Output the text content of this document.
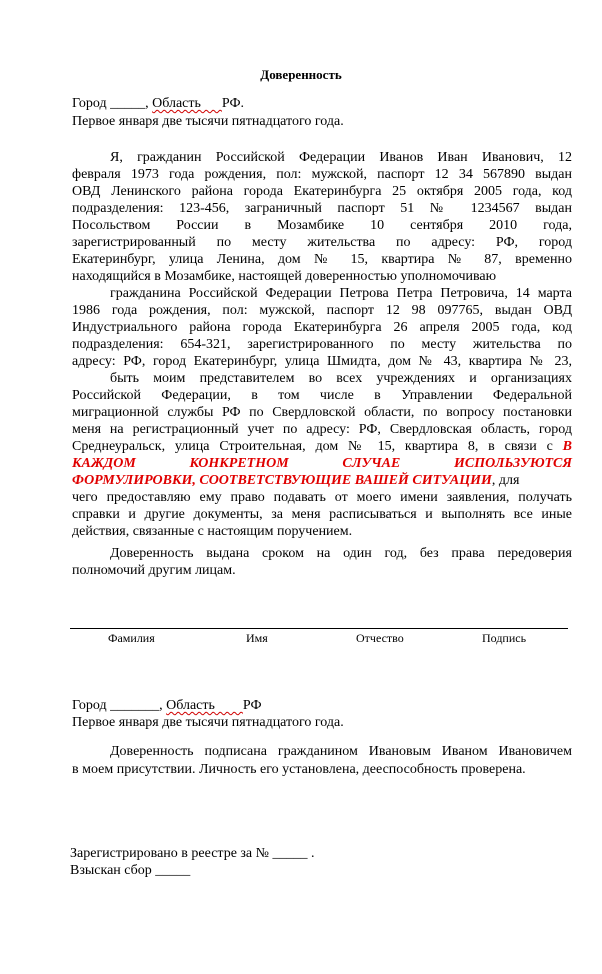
Доверенность
Город _____, Область РФ.
Первое января две тысячи пятнадцатого года.
Я, гражданин Российской Федерации Иванов Иван Иванович, 12
февраля 1973 года рождения, пол: мужской, паспорт 12 34 567890 выдан
ОВД Ленинского района города Екатеринбурга 25 октября 2005 года, код
подразделения: 123-456, заграничный паспорт 51 № 1234567 выдан
Посольством России в Мозамбике 10 сентября 2010 года,
зарегистрированный по месту жительства по адресу: РФ, город
Екатеринбург, улица Ленина, дом № 15, квартира № 87, временно
находящийся в Мозамбике, настоящей доверенностью уполномочиваю
гражданина Российской Федерации Петрова Петра Петровича, 14 марта
1986 года рождения, пол: мужской, паспорт 12 98 097765, выдан ОВД
Индустриального района города Екатеринбурга 26 апреля 2005 года, код
подразделения: 654-321, зарегистрированного по месту жительства по
адресу: РФ, город Екатеринбург, улица Шмидта, дом № 43, квартира № 23,
быть моим представителем во всех учреждениях и организациях
Российской Федерации, в том числе в Управлении Федеральной
миграционной службы РФ по Свердловской области, по вопросу постановки
меня на регистрационный учет по адресу: РФ, Свердловская область, город
Среднеуральск, улица Строительная, дом № 15, квартира 8, в связи с В
КАЖДОМ КОНКРЕТНОМ СЛУЧАЕ ИСПОЛЬЗУЮТСЯ
ФОРМУЛИРОВКИ, СООТВЕТСТВУЮЩИЕ ВАШЕЙ СИТУАЦИИ, для
чего предоставляю ему право подавать от моего имени заявления, получать
справки и другие документы, за меня расписываться и выполнять все иные
действия, связанные с настоящим поручением.
Доверенность выдана сроком на один год, без права передоверия
полномочий другим лицам.
Фамилия	Имя	Отчество	Подпись
Город _______, Область РФ
Первое января две тысячи пятнадцатого года.
Доверенность подписана гражданином Ивановым Иваном Ивановичем
в моем присутствии. Личность его установлена, дееспособность проверена.
Зарегистрировано в реестре за № _____ .
Взыскан сбор _____
